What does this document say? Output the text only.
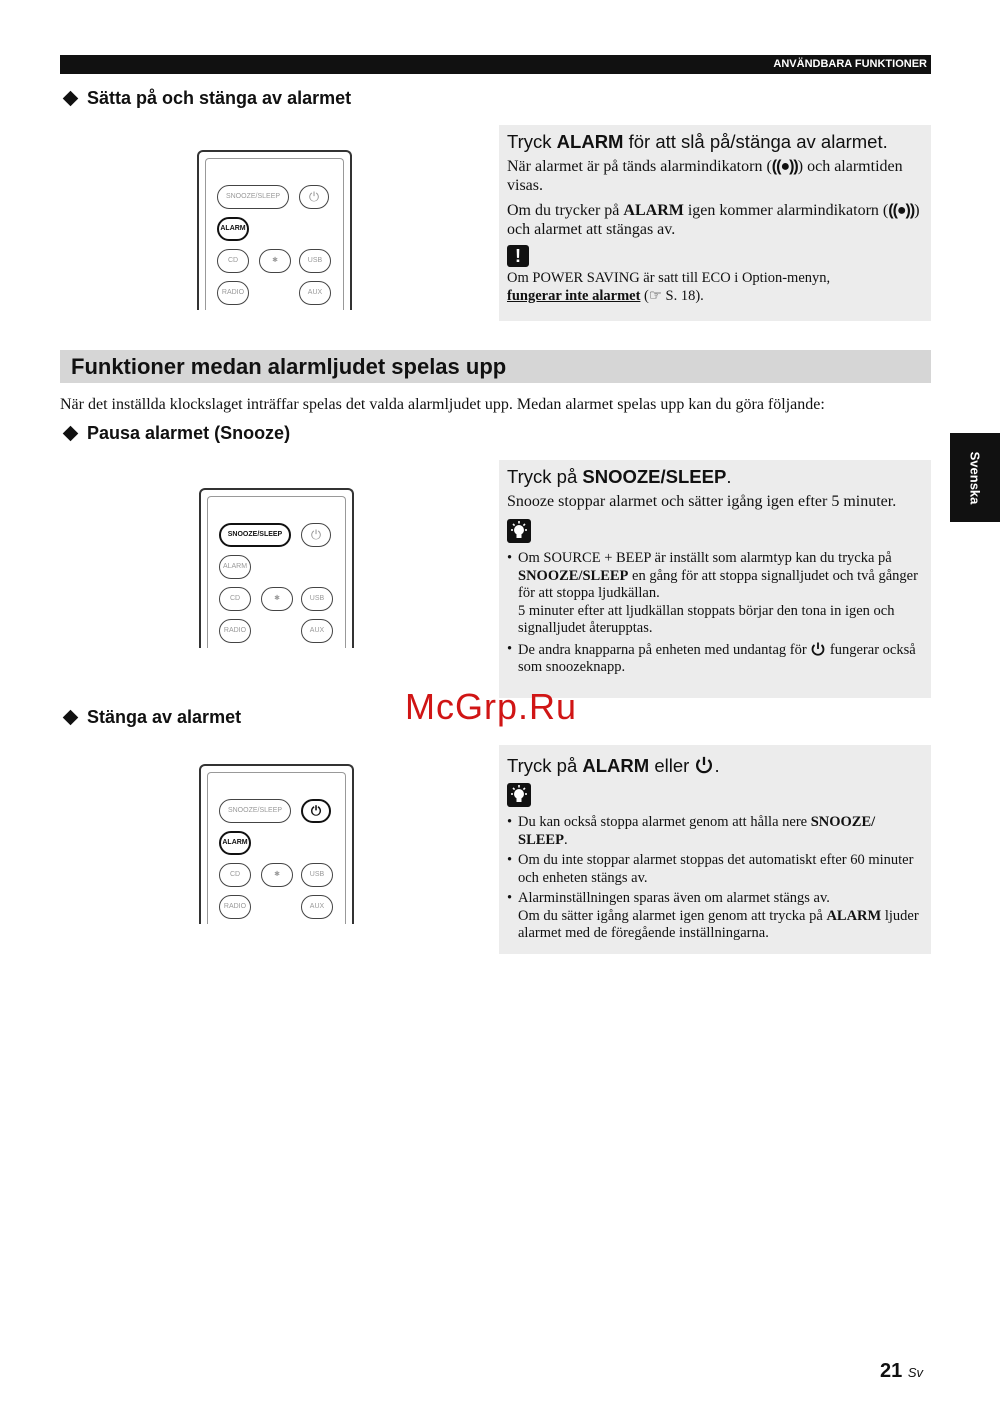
ANVÄNDBARA FUNKTIONER
Svenska
Sätta på och stänga av alarmet
SNOOZE/SLEEP	⏻
ALARM
CD	✱	USB
RADIO	AUX
Tryck ALARM för att slå på/stänga av alarmet.
När alarmet är på tänds alarmindikatorn (((●))) och alarmtiden visas.
Om du trycker på ALARM igen kommer alarmindikatorn (((●))) och alarmet att stängas av.
!
Om POWER SAVING är satt till ECO i Option-menyn,
fungerar inte alarmet (☞ S. 18).
Funktioner medan alarmljudet spelas upp
När det inställda klockslaget inträffar spelas det valda alarmljudet upp. Medan alarmet spelas upp kan du göra följande:
Pausa alarmet (Snooze)
SNOOZE/SLEEP	⏻
ALARM
CD	✱	USB
RADIO	AUX
Tryck på SNOOZE/SLEEP.
Snooze stoppar alarmet och sätter igång igen efter 5 minuter.
• Om SOURCE + BEEP är inställt som alarmtyp kan du trycka på SNOOZE/SLEEP en gång för att stoppa signalljudet och två gånger för att stoppa ljudkällan.
5 minuter efter att ljudkällan stoppats börjar den tona in igen och signalljudet återupptas.
• De andra knapparna på enheten med undantag för  fungerar också som snoozeknapp.
Stänga av alarmet
SNOOZE/SLEEP	⏻
ALARM
CD	✱	USB
RADIO	AUX
Tryck på ALARM eller .
• Du kan också stoppa alarmet genom att hålla nere SNOOZE/ SLEEP.
• Om du inte stoppar alarmet stoppas det automatiskt efter 60 minuter och enheten stängs av.
• Alarminställningen sparas även om alarmet stängs av.
Om du sätter igång alarmet igen genom att trycka på ALARM ljuder alarmet med de föregående inställningarna.
McGrp.Ru
21 Sv
